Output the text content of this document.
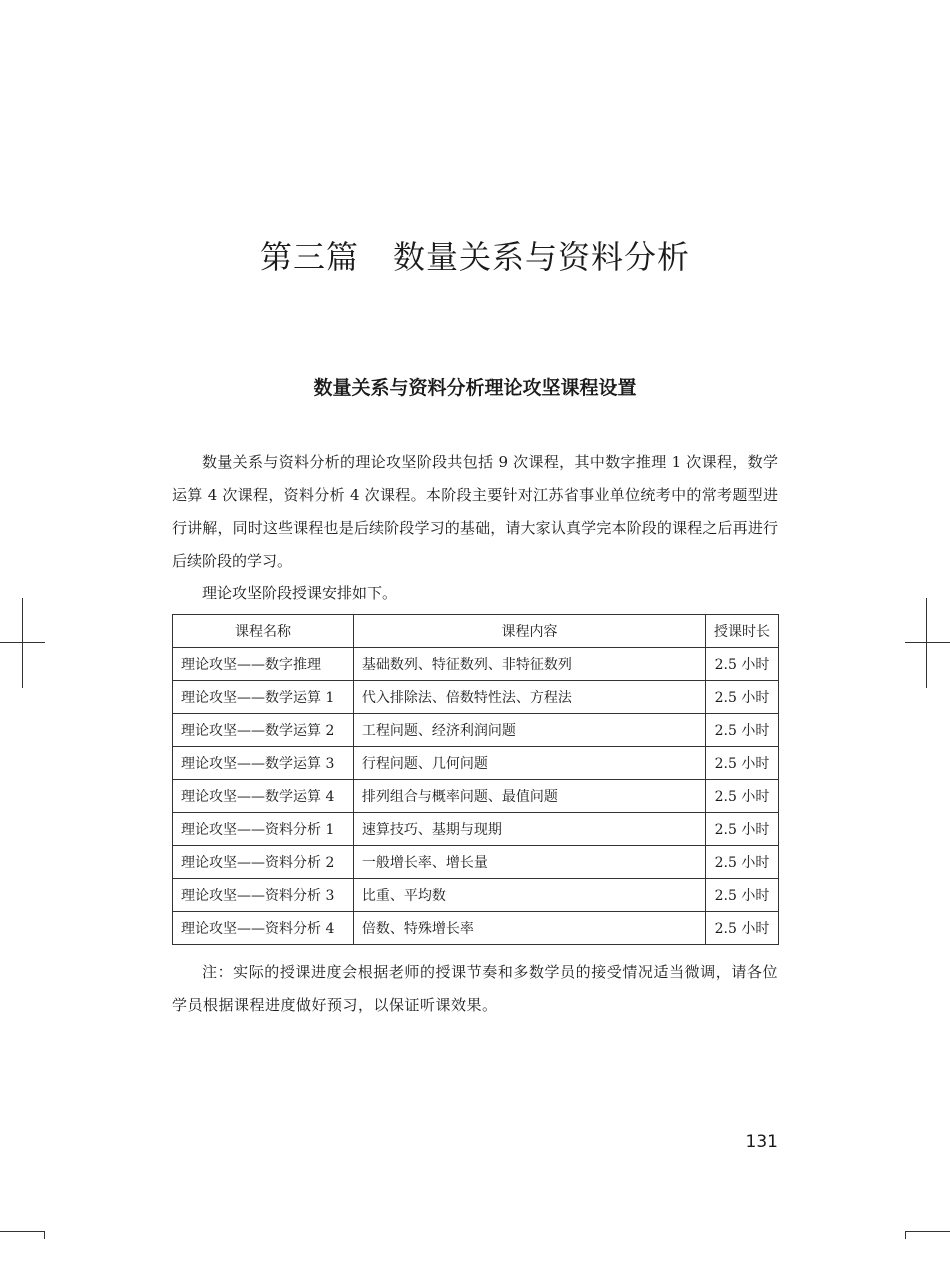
第三篇 数量关系与资料分析
数量关系与资料分析理论攻坚课程设置

数量关系与资料分析的理论攻坚阶段共包括 9 次课程，其中数字推理 1 次课程，数学运算 4 次课程，资料分析 4 次课程。本阶段主要针对江苏省事业单位统考中的常考题型进行讲解，同时这些课程也是后续阶段学习的基础，请大家认真学完本阶段的课程之后再进行后续阶段的学习。

理论攻坚阶段授课安排如下。

课程名称	课程内容	授课时长
理论攻坚——数字推理	基础数列、特征数列、非特征数列	2.5 小时
理论攻坚——数学运算 1	代入排除法、倍数特性法、方程法	2.5 小时
理论攻坚——数学运算 2	工程问题、经济利润问题	2.5 小时
理论攻坚——数学运算 3	行程问题、几何问题	2.5 小时
理论攻坚——数学运算 4	排列组合与概率问题、最值问题	2.5 小时
理论攻坚——资料分析 1	速算技巧、基期与现期	2.5 小时
理论攻坚——资料分析 2	一般增长率、增长量	2.5 小时
理论攻坚——资料分析 3	比重、平均数	2.5 小时
理论攻坚——资料分析 4	倍数、特殊增长率	2.5 小时

注：实际的授课进度会根据老师的授课节奏和多数学员的接受情况适当微调，请各位学员根据课程进度做好预习，以保证听课效果。

131
